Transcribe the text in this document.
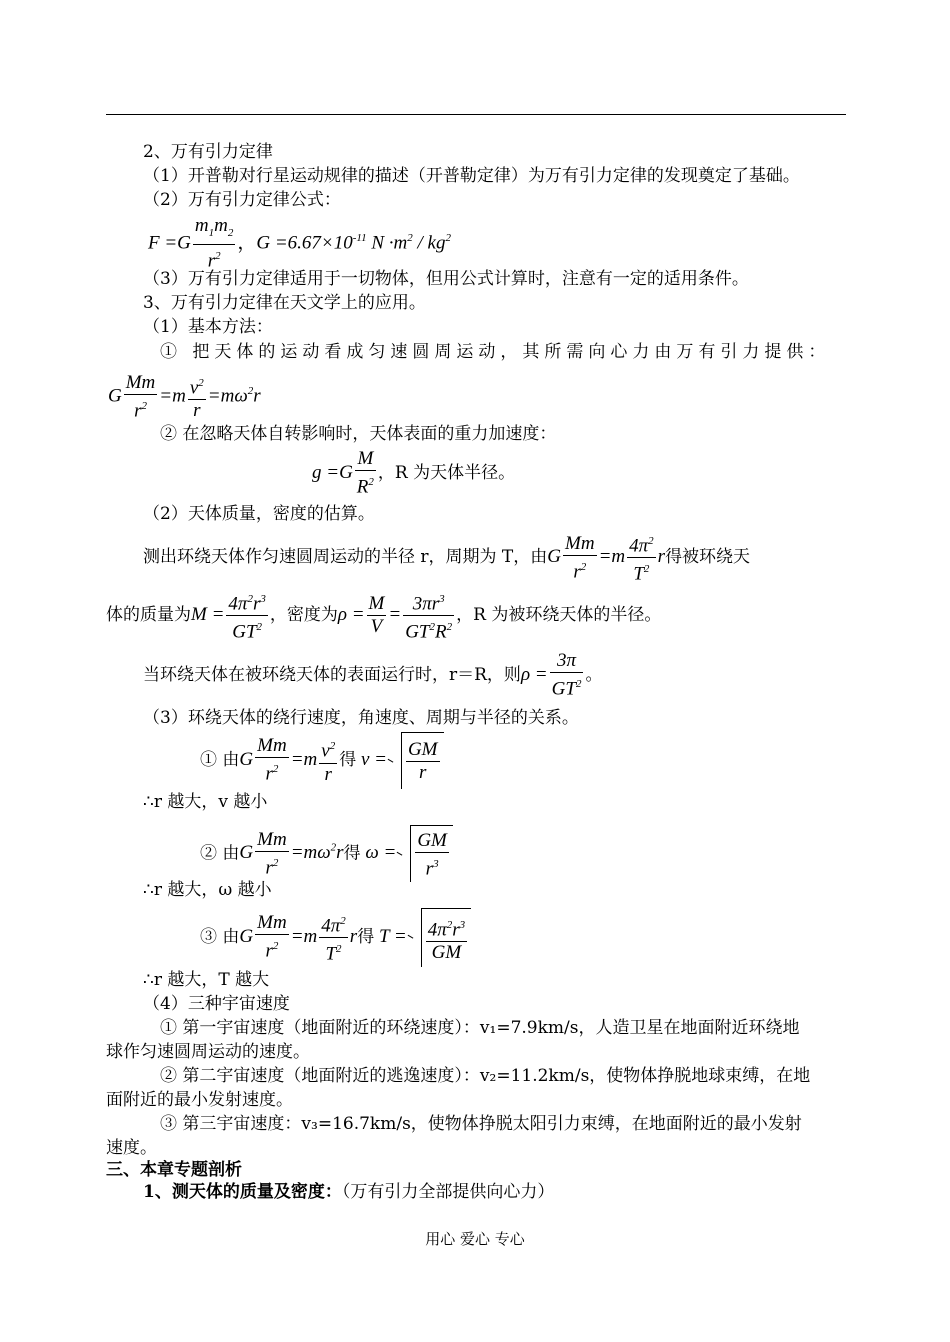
2、万有引力定律
（1）开普勒对行星运动规律的描述（开普勒定律）为万有引力定律的发现奠定了基础。
（2）万有引力定律公式：
$F =G \frac{m_1m_2}{r^2}$ ，$G =6.67\times 10^{-11}$ $N \cdot m^2 / kg^2$
（3）万有引力定律适用于一切物体，但用公式计算时，注意有一定的适用条件。
3、万有引力定律在天文学上的应用。
（1）基本方法：
① 把天体的运动看成匀速圆周运动，其所需向心力由万有引力提供：
G $\frac{Mm}{r^2} =m \frac{v^2}{r} =m\omega^2r$
② 在忽略天体自转影响时，天体表面的重力加速度：
$g =G \frac{M}{R^2}$ ，R 为天体半径。
（2）天体质量，密度的估算。
测出环绕天体作匀速圆周运动的半径 r，周期为 T，由G $\frac{Mm}{r^2} =m \frac{4\pi^2}{T^2}$ r得被环绕天
体的质量为$M = \frac{4\pi^2r^3}{GT^2}$ ，密度为$\rho = \frac{M}{V} = \frac{3\pi r^3}{GT^2R^2}$ ，R 为被环绕天体的半径。
当环绕天体在被环绕天体的表面运行时，r＝R，则$\rho = \frac{3\pi}{GT^2}$ 。
（3）环绕天体的绕行速度，角速度、周期与半径的关系。
① 由G $\frac{Mm}{r^2} =m \frac{v^2}{r}$ 得 $v = \frac{GM}{r}$
∴r 越大，v 越小
② 由G $\frac{Mm}{r^2} =m\omega^2r$得 $\omega = \frac{GM}{r^3}$
∴r 越大，ω 越小
③ 由G $\frac{Mm}{r^2} =m \frac{4\pi^2}{T^2}$ r得 $T = \frac{4\pi^2r^3}{GM}$
∴r 越大，T 越大
（4）三种宇宙速度
① 第一宇宙速度（地面附近的环绕速度）：v₁=7.9km/s，人造卫星在地面附近环绕地
球作匀速圆周运动的速度。
② 第二宇宙速度（地面附近的逃逸速度）：v₂=11.2km/s，使物体挣脱地球束缚，在地
面附近的最小发射速度。
③ 第三宇宙速度：v₃=16.7km/s，使物体挣脱太阳引力束缚，在地面附近的最小发射
速度。
三、本章专题剖析
1、测天体的质量及密度：（万有引力全部提供向心力）
用心 爱心 专心
